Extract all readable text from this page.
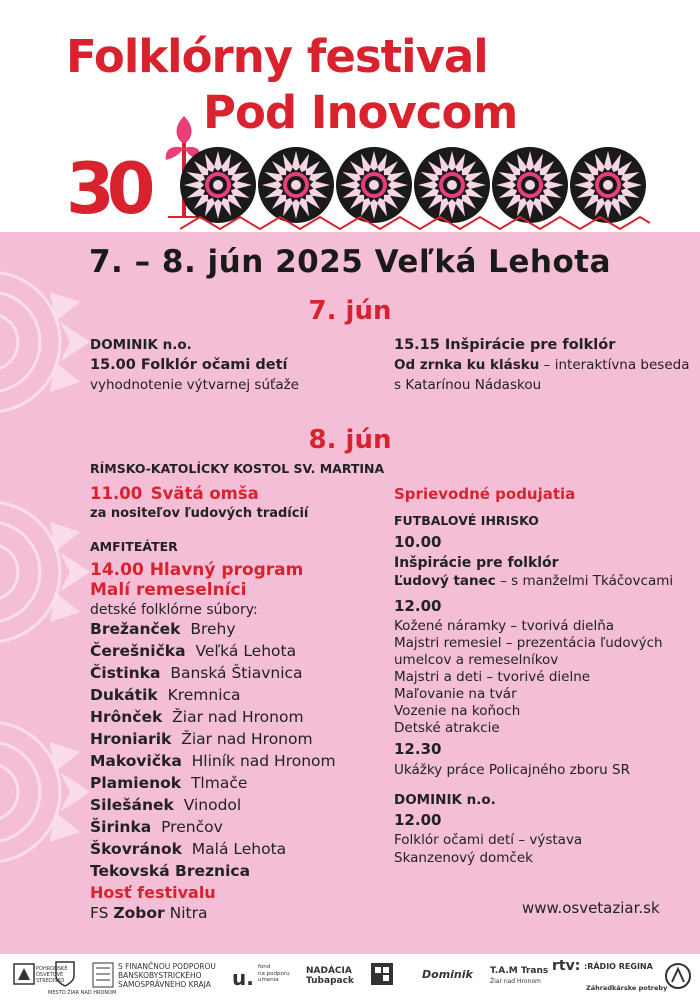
Folklórny festival
Pod Inovcom
30
7. – 8. jún 2025 Veľká Lehota
7. jún
DOMINIK n.o.
15.00 Folklór očami detí
vyhodnotenie výtvarnej súťaže
15.15 Inšpirácie pre folklór
Od zrnka ku klásku – interaktívna beseda
s Katarínou Nádaskou
8. jún
RÍMSKO-KATOLÍCKY KOSTOL SV. MARTINA
11.00 Svätá omša
za nositeľov ľudových tradícií
AMFITEÁTER
14.00 Hlavný program
Malí remeselníci
detské folklórne súbory:
Brežanček Brehy
Čerešnička Veľká Lehota
Čistinka Banská Štiavnica
Dukátik Kremnica
Hrônček Žiar nad Hronom
Hroniarik Žiar nad Hronom
Makovička Hliník nad Hronom
Plamienok Tlmače
Silešánek Vinodol
Širinka Prenčov
Škovránok Malá Lehota
Tekovská Breznica
Hosť festivalu
FS Zobor Nitra
Sprievodné podujatia
FUTBALOVÉ IHRISKO
10.00
Inšpirácie pre folklór
Ľudový tanec – s manželmi Tkáčovcami
12.00
Kožené náramky – tvorivá dielňa
Majstri remesiel – prezentácia ľudových
umelcov a remeselníkov
Majstri a deti – tvorivé dielne
Maľovanie na tvár
Vozenie na koňoch
Detské atrakcie
12.30
Ukážky práce Policajného zboru SR
DOMINIK n.o.
12.00
Folklór očami detí – výstava
Skanzenový domček
www.osvetaziar.sk
POHRONSKÉ OSVETOVÉ STREDISKO
MESTO ŽIAR NAD HRONOM
S FINANČNOU PODPOROU
BANSKOBYSTRICKÉHO
SAMOSPRÁVNEHO KRAJA u. fond
na podporu
umenia
NADÁCIA
Tubapack	Dominik T.A.M Trans
Žiar nad Hronom
rtv: :RÁDIO REGINA
Záhradkárske potreby
